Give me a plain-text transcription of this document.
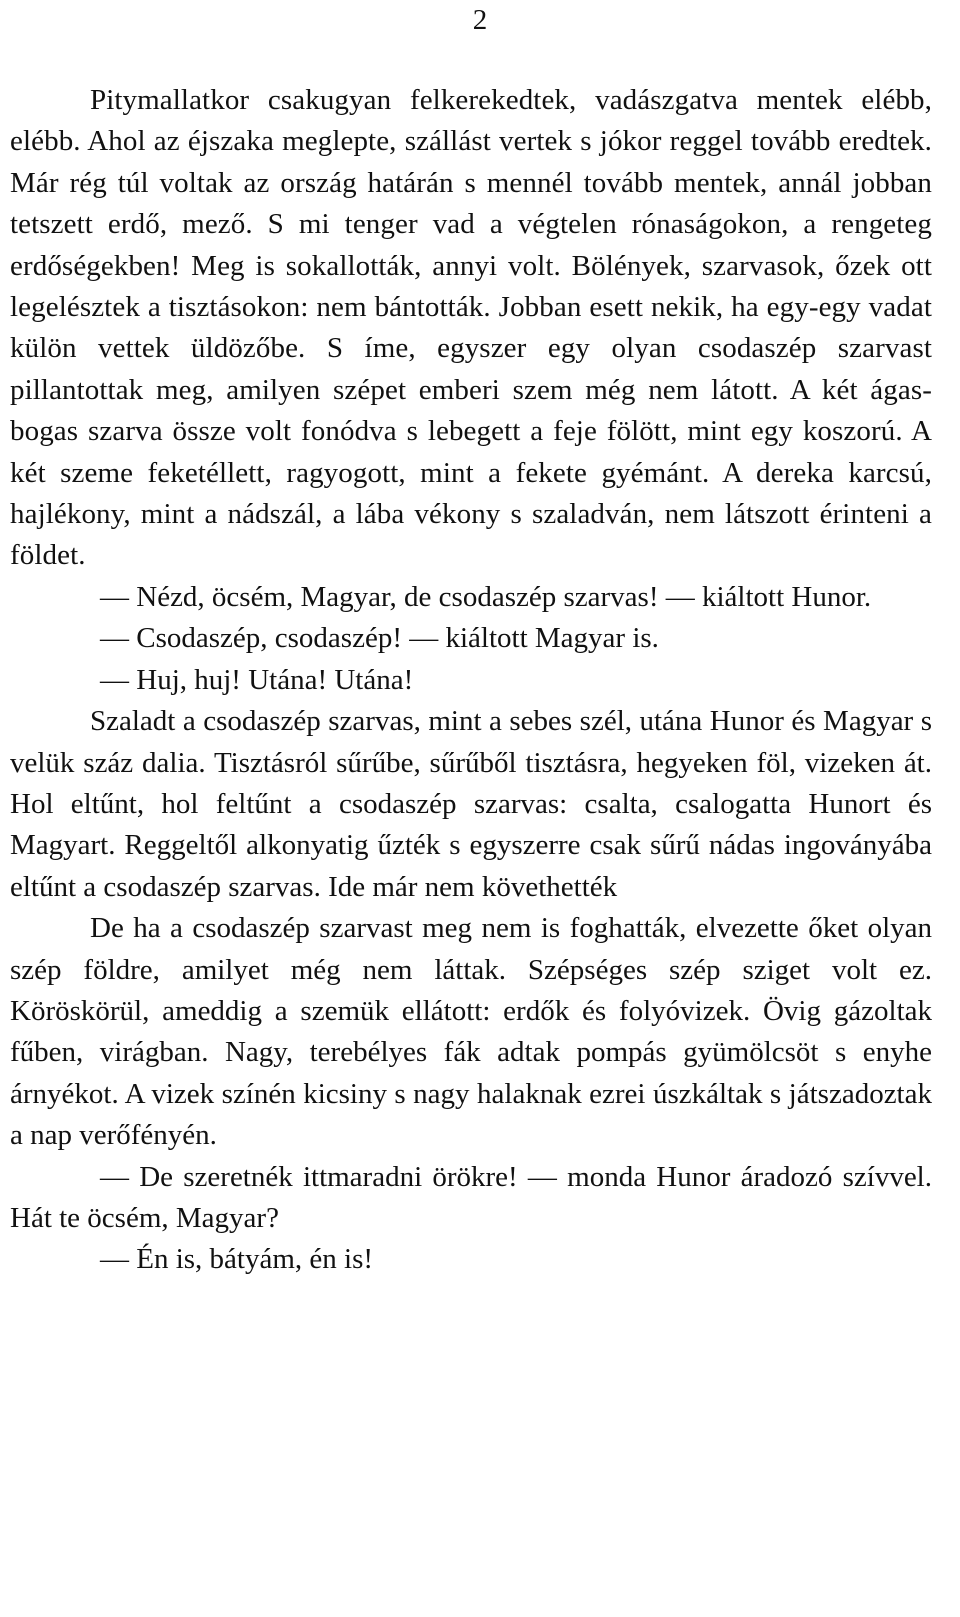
2

Pitymallatkor csakugyan felkerekedtek, vadászgatva mentek elébb, elébb. Ahol az éjszaka meglepte, szállást vertek s jókor reggel tovább eredtek. Már rég túl voltak az ország határán s mennél tovább mentek, annál jobban tetszett erdő, mező. S mi tenger vad a végtelen rónaságokon, a rengeteg erdőségekben! Meg is sokallották, annyi volt. Bölények, szarvasok, őzek ott legelésztek a tisztásokon: nem bántották. Jobban esett nekik, ha egy-egy vadat külön vettek üldözőbe. S íme, egyszer egy olyan csodaszép szarvast pillantottak meg, amilyen szépet emberi szem még nem látott. A két ágas-bogas szarva össze volt fonódva s lebegett a feje fölött, mint egy koszorú. A két szeme feketéllett, ragyogott, mint a fekete gyémánt. A dereka karcsú, hajlékony, mint a nádszál, a lába vékony s szaladván, nem látszott érinteni a földet.

— Nézd, öcsém, Magyar, de csodaszép szarvas! — kiáltott Hunor.

— Csodaszép, csodaszép! — kiáltott Magyar is.

— Huj, huj! Utána! Utána!

Szaladt a csodaszép szarvas, mint a sebes szél, utána Hunor és Magyar s velük száz dalia. Tisztásról sűrűbe, sűrűből tisztásra, hegyeken föl, vizeken át. Hol eltűnt, hol feltűnt a csodaszép szarvas: csalta, csalogatta Hunort és Magyart. Reggeltől alkonyatig űzték s egyszerre csak sűrű nádas ingoványába eltűnt a csodaszép szarvas. Ide már nem követhették

De ha a csodaszép szarvast meg nem is foghatták, elvezette őket olyan szép földre, amilyet még nem láttak. Szépséges szép sziget volt ez. Köröskörül, ameddig a szemük ellátott: erdők és folyóvizek. Övig gázoltak fűben, virágban. Nagy, terebélyes fák adtak pompás gyümölcsöt s enyhe árnyékot. A vizek színén kicsiny s nagy halaknak ezrei úszkáltak s játszadoztak a nap verőfényén.

— De szeretnék ittmaradni örökre! — monda Hunor áradozó szívvel. Hát te öcsém, Magyar?

— Én is, bátyám, én is!
